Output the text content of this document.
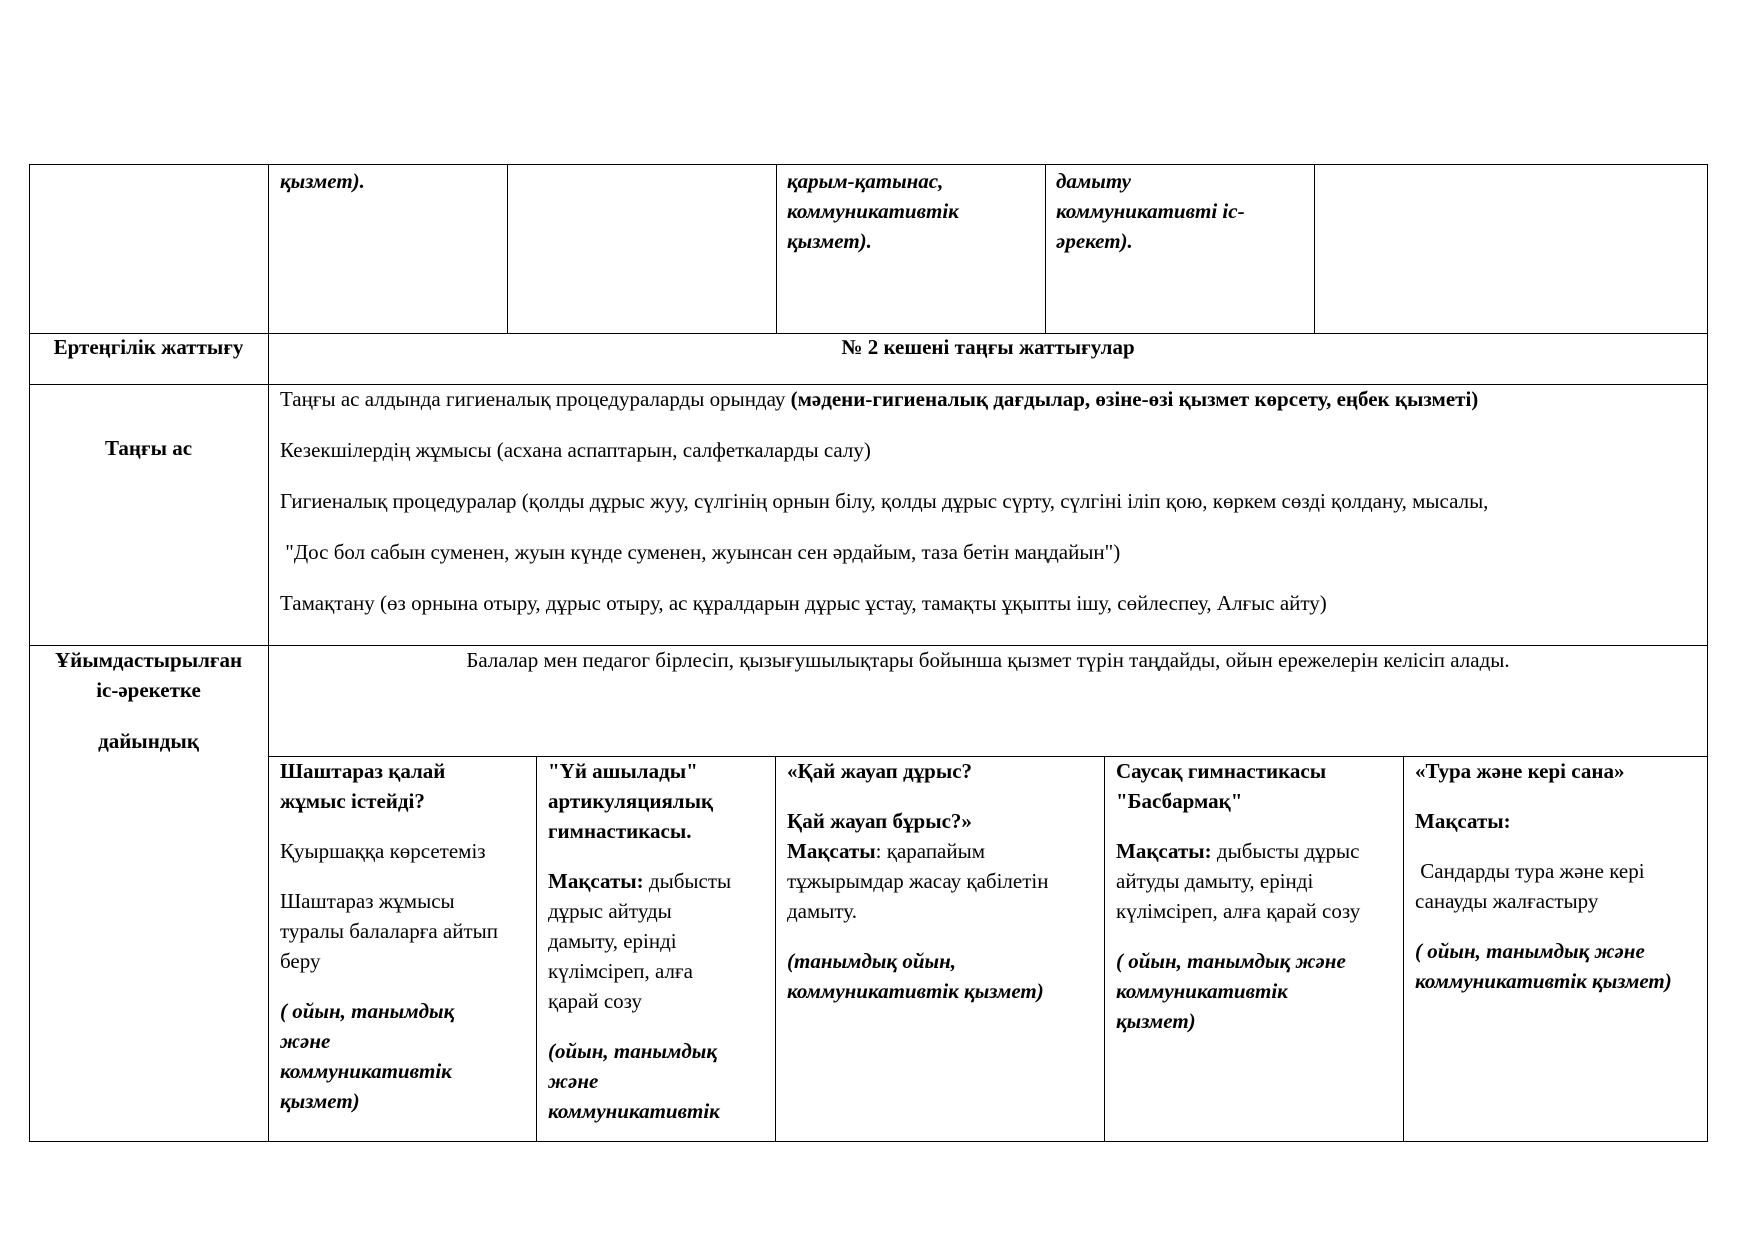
қызмет).	қарым-қатынас,

коммуникативтік

қызмет).

дамыту

коммуникативті іс-

әрекет).

Ертеңгілік жаттығу	№ 2 кешені таңғы жаттығулар
Таңғы ас

Таңғы ас алдында гигиеналық процедураларды орындау (мәдени-гигиеналық дағдылар, өзіне-өзі қызмет көрсету, еңбек қызметі)

Кезекшілердің жұмысы (асхана аспаптарын, салфеткаларды салу)

Гигиеналық процедуралар (қолды дұрыс жуу, сүлгінің орнын білу, қолды дұрыс сүрту, сүлгіні іліп қою, көркем сөзді қолдану, мысалы,

"Дос бол сабын суменен, жуын күнде суменен, жуынсан сен әрдайым, таза бетін маңдайын")

Тамақтану (өз орнына отыру, дұрыс отыру, ас құралдарын дұрыс ұстау, тамақты ұқыпты ішу, сөйлеспеу, Алғыс айту)

Ұйымдастырылған

іс-әрекетке

дайындық

Балалар мен педагог бірлесіп, қызығушылықтары бойынша қызмет түрін таңдайды, ойын ережелерін келісіп алады.

Шаштараз қалай

жұмыс істейді?

Қуыршаққа көрсетеміз

Шаштараз жұмысы

туралы балаларға айтып

беру

( ойын, танымдық

және

коммуникативтік

қызмет)

"Үй ашылады"

артикуляциялық

гимнастикасы.

Мақсаты: дыбысты

дұрыс айтуды

дамыту, ерінді

күлімсіреп, алға

қарай созу

(ойын, танымдық

және

коммуникативтік

«Қай жауап дұрыс?

Қай жауап бұрыс?»

Мақсаты: қарапайым

тұжырымдар жасау қабілетін

дамыту.

(танымдық ойын,

коммуникативтік қызмет)

Саусақ гимнастикасы

"Басбармақ"

Мақсаты: дыбысты дұрыс

айтуды дамыту, ерінді

күлімсіреп, алға қарай созу

( ойын, танымдық және

коммуникативтік

қызмет)

«Тура және кері сана»

Мақсаты:

Сандарды тура және кері

санауды жалғастыру

( ойын, танымдық және

коммуникативтік қызмет)
